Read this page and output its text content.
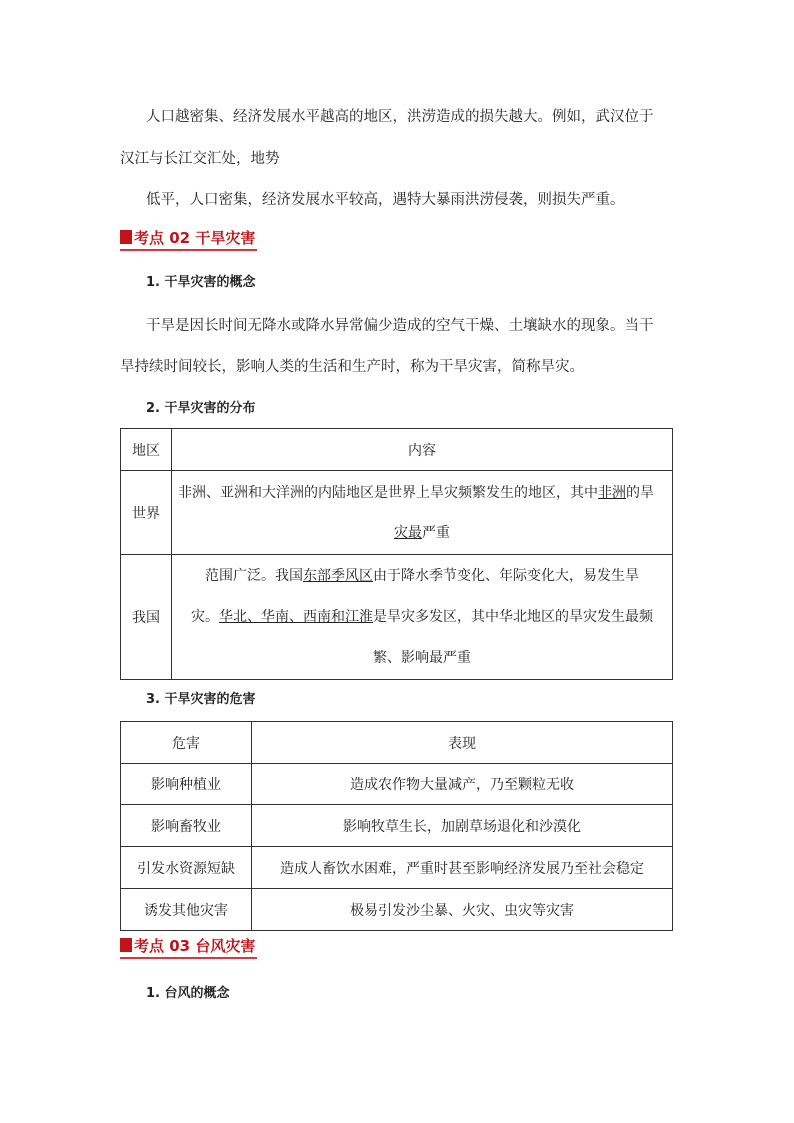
人口越密集、经济发展水平越高的地区，洪涝造成的损失越大。例如，武汉位于
汉江与长江交汇处，地势
低平，人口密集，经济发展水平较高，遇特大暴雨洪涝侵袭，则损失严重。
考点 02 干旱灾害
1. 干旱灾害的概念
干旱是因长时间无降水或降水异常偏少造成的空气干燥、土壤缺水的现象。当干
旱持续时间较长，影响人类的生活和生产时，称为干旱灾害，简称旱灾。
2. 干旱灾害的分布
地区	内容
世界	非洲、亚洲和大洋洲的内陆地区是世界上旱灾频繁发生的地区，其中非洲的旱
灾最严重

我国	范围广泛。我国东部季风区由于降水季节变化、年际变化大，易发生旱
灾。华北、华南、西南和江淮是旱灾多发区，其中华北地区的旱灾发生最频
繁、影响最严重
3. 干旱灾害的危害
危害	表现
影响种植业	造成农作物大量减产，乃至颗粒无收
影响畜牧业	影响牧草生长，加剧草场退化和沙漠化
引发水资源短缺	造成人畜饮水困难，严重时甚至影响经济发展乃至社会稳定
诱发其他灾害	极易引发沙尘暴、火灾、虫灾等灾害
考点 03 台风灾害
1. 台风的概念
